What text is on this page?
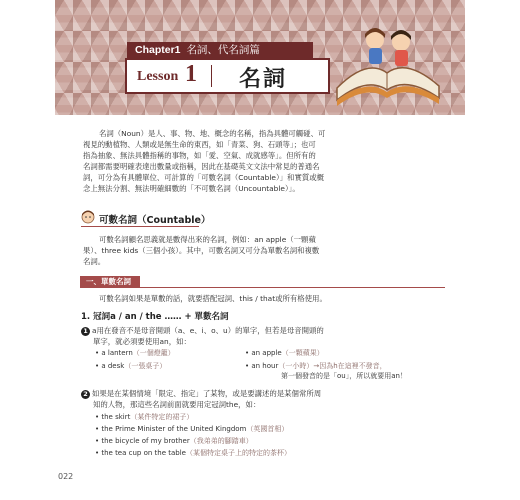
Chapter1 名詞、代名詞篇
Lesson 1 名詞
名詞（Noun）是人、事、物、地、概念的名稱，指為具體可觸碰、可
視見的動植物、人類或是無生命的東西，如「青菜、狗、石頭等」；也可
指為抽象、無法具體指稱的事物，如「愛、空氣、成就感等」。但所有的
名詞都需要明確表達出數量或指稱，因此在基礎英文文法中常見的普通名
詞，可分為有具體單位、可計算的「可數名詞（Countable）」和實質或概
念上無法分割、無法明確細數的「不可數名詞（Uncountable）」。
可數名詞（Countable）
可數名詞顧名思義就是數得出來的名詞，例如：an apple（一顆蘋
果）、three kids（三個小孩）。其中，可數名詞又可分為單數名詞和複數
名詞。
一、單數名詞
可數名詞如果是單數的話，就要搭配冠詞、this / that或所有格使用。
1. 冠詞a / an / the …… + 單數名詞
1 a用在發音不是母音開頭（a、e、i、o、u）的單字，但若是母音開頭的
單字，就必須要使用an，如：
• a lantern（一個燈籠）	• an apple（一顆蘋果）
• a desk（一張桌子）	• an hour（一小時）→因為h在這裡不發音，
第一個發音的是「ou」，所以就要用an！
2 如果是在某個情境「限定、指定」了某物，或是要講述的是某個常所周
知的人物，那這些名詞前面就要用定冠詞the，如：
• the skirt（某件特定的裙子）
• the Prime Minister of the United Kingdom（英國首相）
• the bicycle of my brother（我弟弟的腳踏車）
• the tea cup on the table（某個特定桌子上的特定的茶杯）
022
